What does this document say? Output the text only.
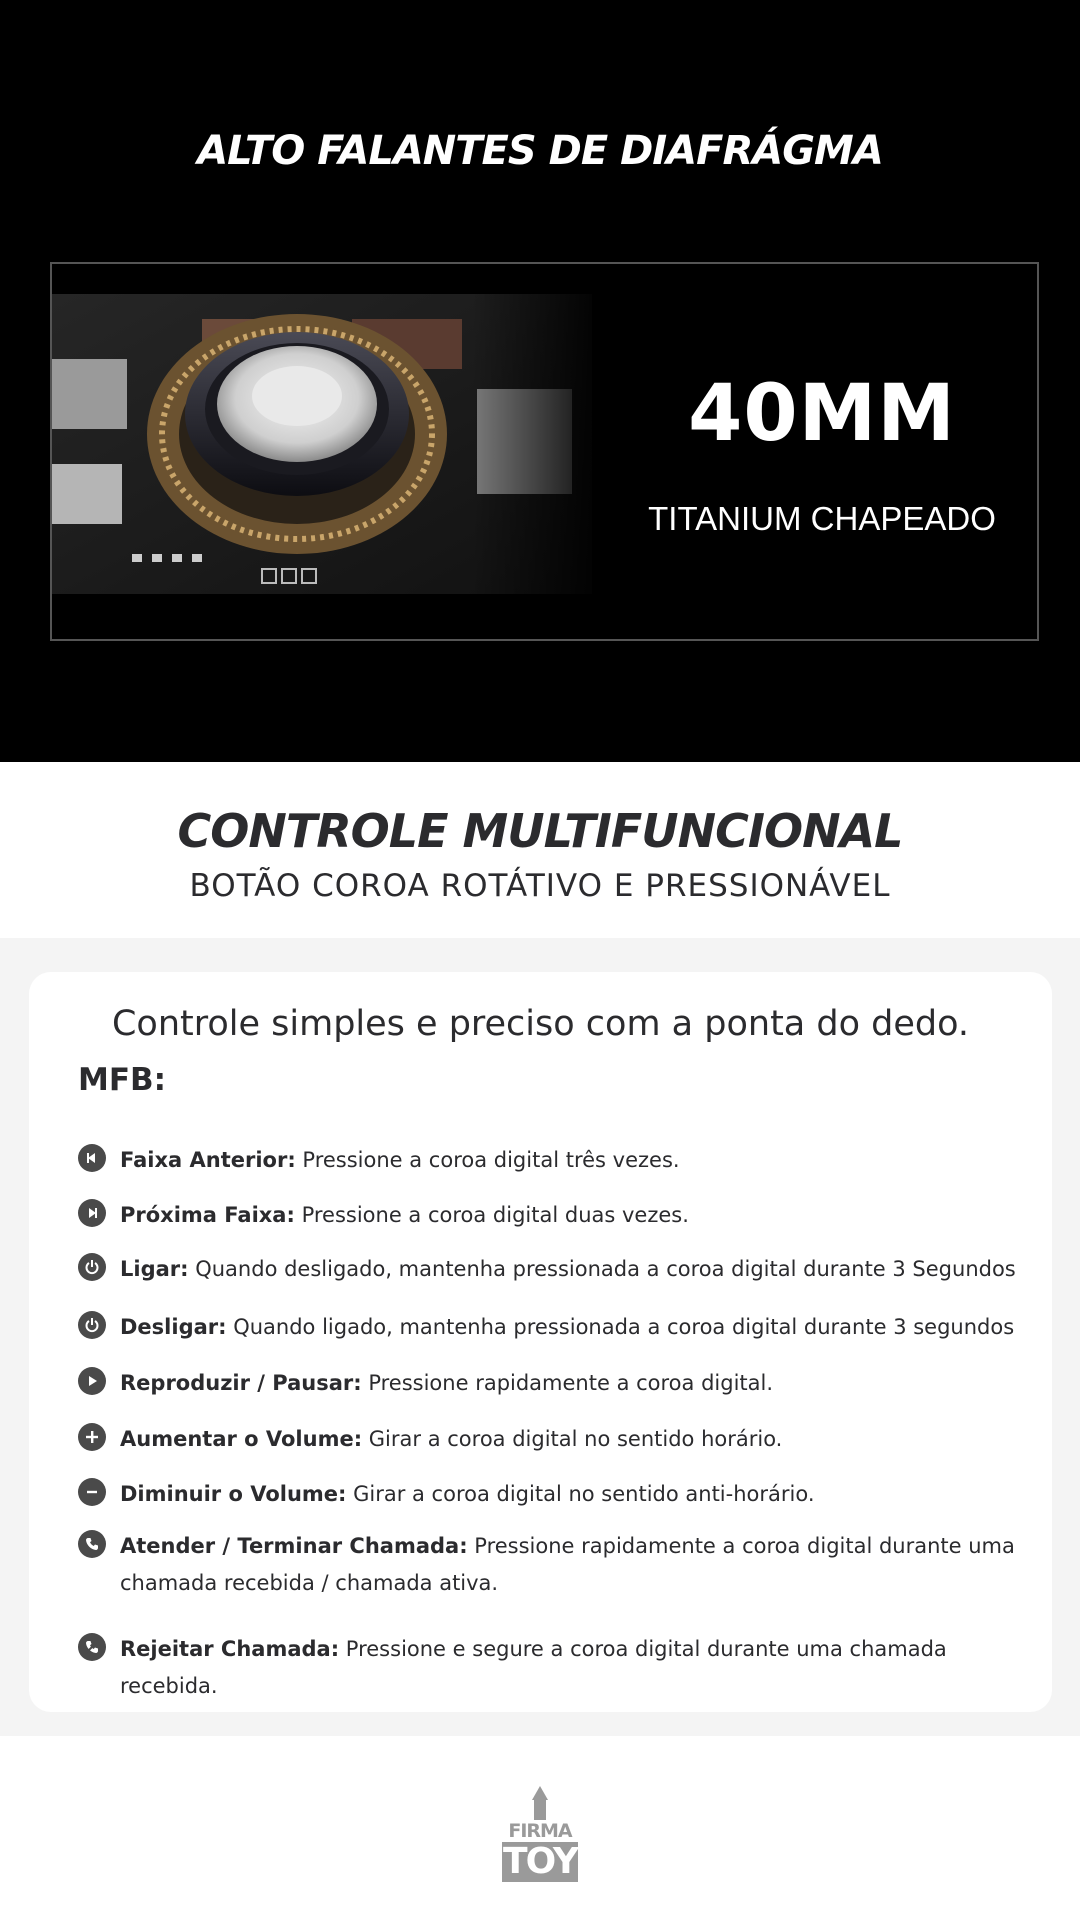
ALTO FALANTES DE DIAFRÁGMA
40MM
TITANIUM CHAPEADO
CONTROLE MULTIFUNCIONAL
BOTÃO COROA ROTÁTIVO E PRESSIONÁVEL
Controle simples e preciso com a ponta do dedo.
MFB:
Faixa Anterior: Pressione a coroa digital três vezes.
Próxima Faixa: Pressione a coroa digital duas vezes.
Ligar: Quando desligado, mantenha pressionada a coroa digital durante 3 Segundos
Desligar: Quando ligado, mantenha pressionada a coroa digital durante 3 segundos
Reproduzir / Pausar: Pressione rapidamente a coroa digital.
Aumentar o Volume: Girar a coroa digital no sentido horário.
Diminuir o Volume: Girar a coroa digital no sentido anti-horário.
Atender / Terminar Chamada: Pressione rapidamente a coroa digital durante uma chamada recebida / chamada ativa.
Rejeitar Chamada: Pressione e segure a coroa digital durante uma chamada recebida.
FIRMA
TOY
